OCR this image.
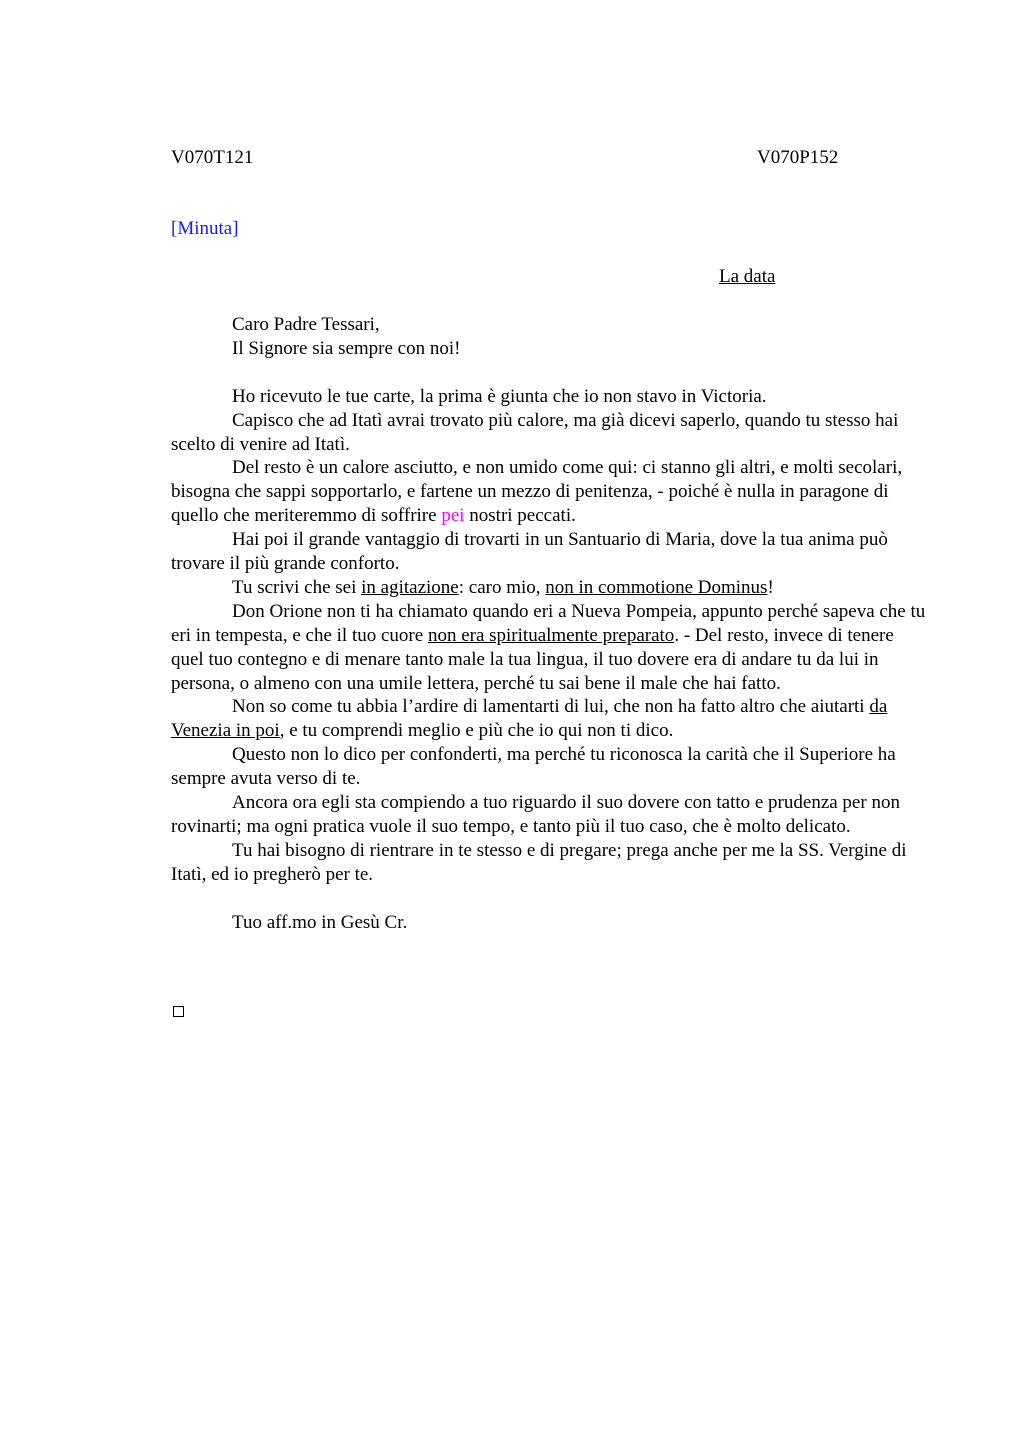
V070T121	V070P152
[Minuta]
La data

Caro Padre Tessari,

Il Signore sia sempre con noi!

Ho ricevuto le tue carte, la prima è giunta che io non stavo in Victoria.

Capisco che ad Itatì avrai trovato più calore, ma già dicevi saperlo, quando tu stesso hai scelto di venire ad Itatì.

Del resto è un calore asciutto, e non umido come qui: ci stanno gli altri, e molti secolari, bisogna che sappi sopportarlo, e fartene un mezzo di penitenza, - poiché è nulla in paragone di quello che meriteremmo di soffrire pei nostri peccati.

Hai poi il grande vantaggio di trovarti in un Santuario di Maria, dove la tua anima può trovare il più grande conforto.

Tu scrivi che sei in agitazione: caro mio, non in commotione Dominus!

Don Orione non ti ha chiamato quando eri a Nueva Pompeia, appunto perché sapeva che tu eri in tempesta, e che il tuo cuore non era spiritualmente preparato. - Del resto, invece di tenere quel tuo contegno e di menare tanto male la tua lingua, il tuo dovere era di andare tu da lui in persona, o almeno con una umile lettera, perché tu sai bene il male che hai fatto.

Non so come tu abbia l’ardire di lamentarti di lui, che non ha fatto altro che aiutarti da Venezia in poi, e tu comprendi meglio e più che io qui non ti dico.

Questo non lo dico per confonderti, ma perché tu riconosca la carità che il Superiore ha sempre avuta verso di te.

Ancora ora egli sta compiendo a tuo riguardo il suo dovere con tatto e prudenza per non rovinarti; ma ogni pratica vuole il suo tempo, e tanto più il tuo caso, che è molto delicato.

Tu hai bisogno di rientrare in te stesso e di pregare; prega anche per me la SS. Vergine di Itatì, ed io pregherò per te.

Tuo aff.mo in Gesù Cr.
